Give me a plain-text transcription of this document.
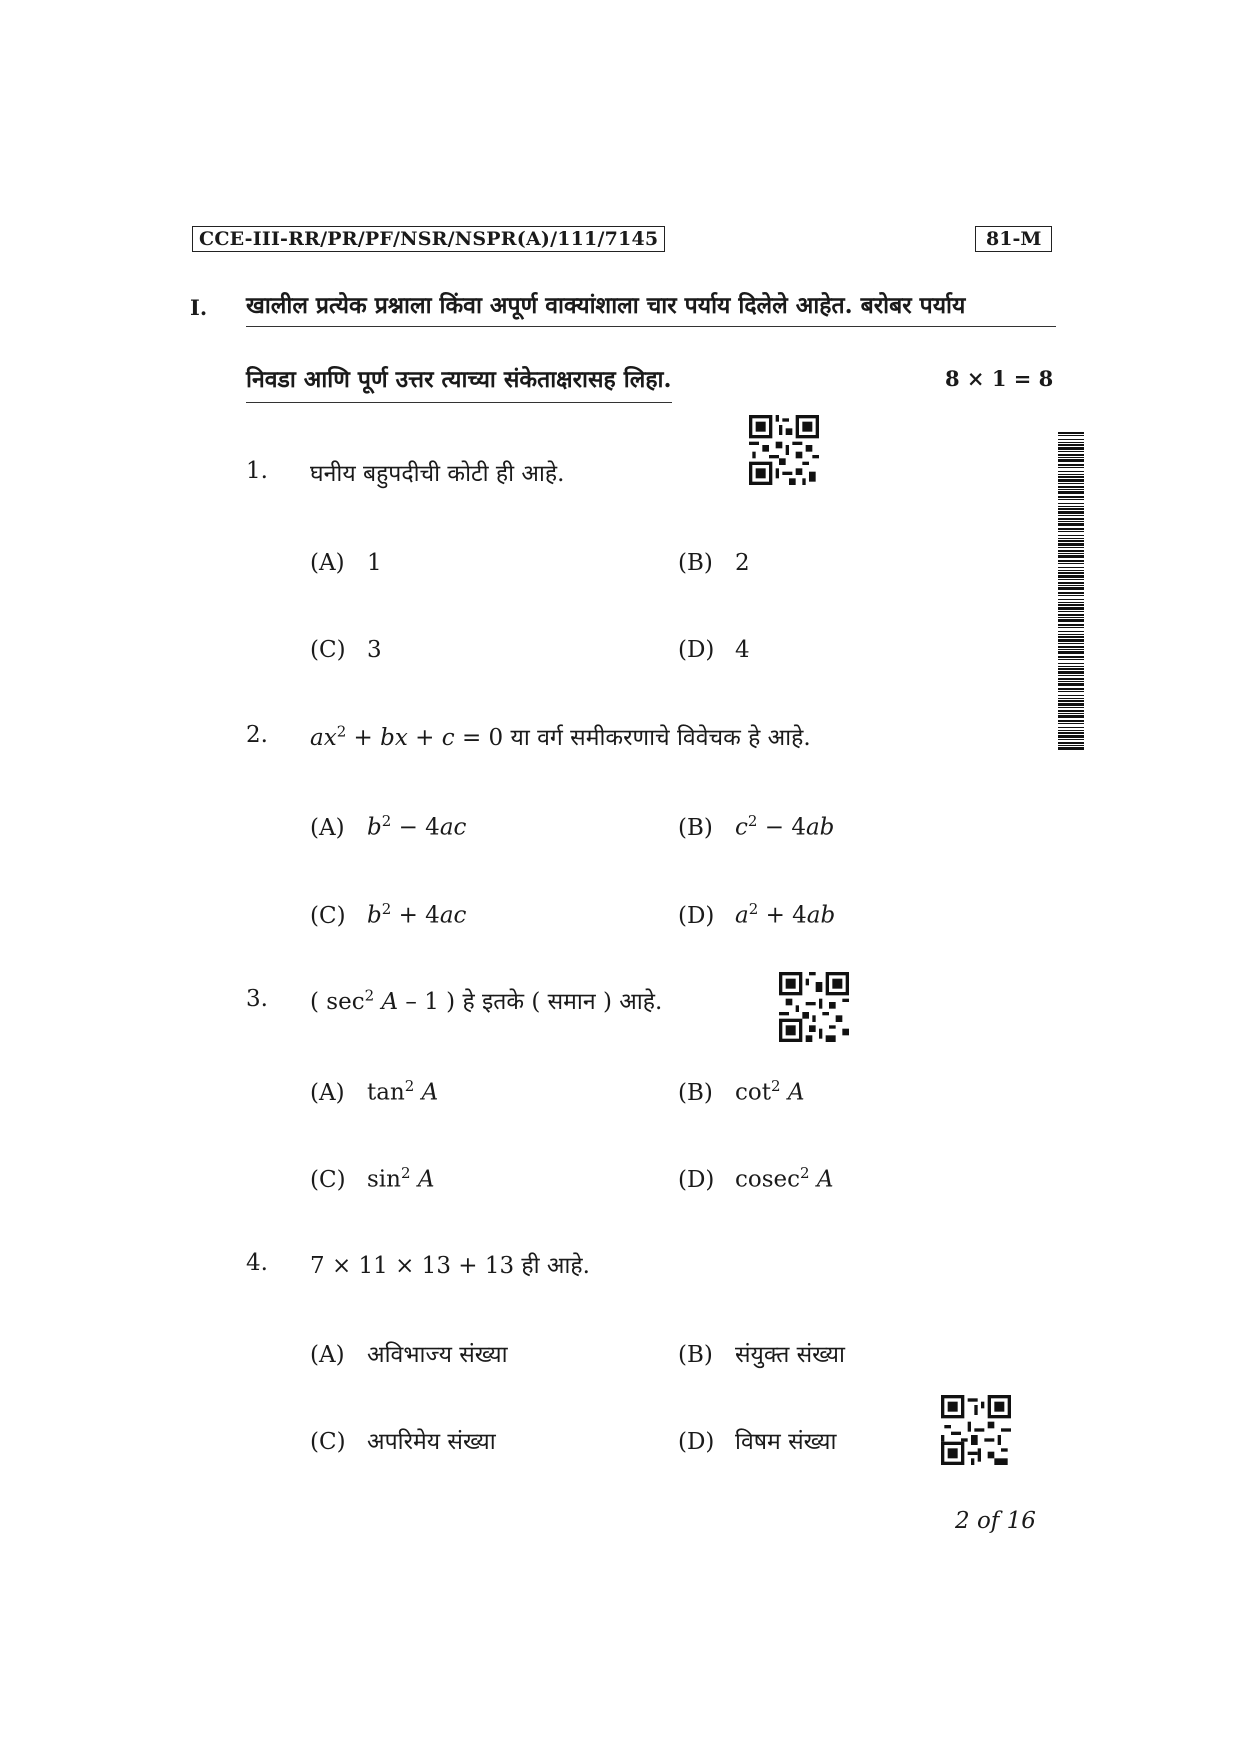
CCE-III-RR/PR/PF/NSR/NSPR(A)/111/7145	81-M
I. खालील प्रत्येक प्रश्नाला किंवा अपूर्ण वाक्यांशाला चार पर्याय दिलेले आहेत. बरोबर पर्याय
निवडा आणि पूर्ण उत्तर त्याच्या संकेताक्षरासह लिहा.	8 × 1 = 8
1. घनीय बहुपदीची कोटी ही आहे.
(A) 1	(B) 2
(C) 3	(D) 4
2. $ax^2$ + bx + c = 0 या वर्ग समीकरणाचे विवेचक हे आहे.
(A) $b^2 - 4ac$	(B) $c^2 - 4ab$
(C) $b^2 + 4ac$	(D) $a^2 + 4ab$
3. ( $\sec^2 A - 1$ ) हे इतके ( समान ) आहे.
(A) $\tan^2 A$	(B) $\cot^2 A$
(C) $\sin^2 A$	(D) cosec$^2$ A
4. 7 × 11 × 13 + 13 ही आहे.
(A) अविभाज्य संख्या	(B) संयुक्त संख्या
(C) अपरिमेय संख्या	(D) विषम संख्या
2 of 16
